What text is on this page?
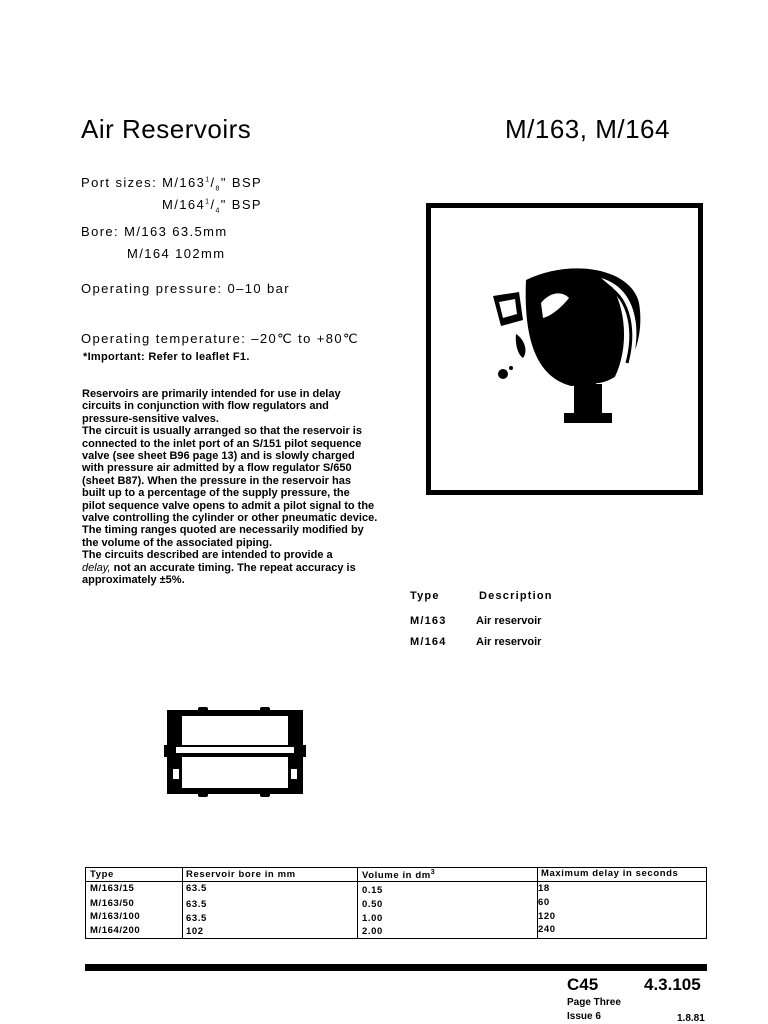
Air Reservoirs	M/163, M/164
Port sizes: $M/163^1/_8$" BSP
$M/164^1/_4$" BSP
Bore: M/163 63.5mm
M/164 102mm
Operating pressure: 0–10 bar
Operating temperature: –20℃ to +80℃
*Important: Refer to leaflet F1.
Reservoirs are primarily intended for use in delay
circuits in conjunction with flow regulators and
pressure-sensitive valves.
The circuit is usually arranged so that the reservoir is
connected to the inlet port of an S/151 pilot sequence
valve (see sheet B96 page 13) and is slowly charged
with pressure air admitted by a flow regulator S/650
(sheet B87). When the pressure in the reservoir has
built up to a percentage of the supply pressure, the
pilot sequence valve opens to admit a pilot signal to the
valve controlling the cylinder or other pneumatic device.
The timing ranges quoted are necessarily modified by
the volume of the associated piping.
The circuits described are intended to provide a
delay, not an accurate timing. The repeat accuracy is
approximately ±5%.
Type	Description
M/163	Air reservoir
M/164	Air reservoir
Type	Reservoir bore in mm	Volume in $dm^3$	Maximum delay in seconds
M/163/15	63.5	0.15	18
M/163/50	63.5	0.50	60
M/163/100	63.5	1.00	120
M/164/200	102	2.00	240
C45	4.3.105
Page Three
Issue 6	1.8.81
